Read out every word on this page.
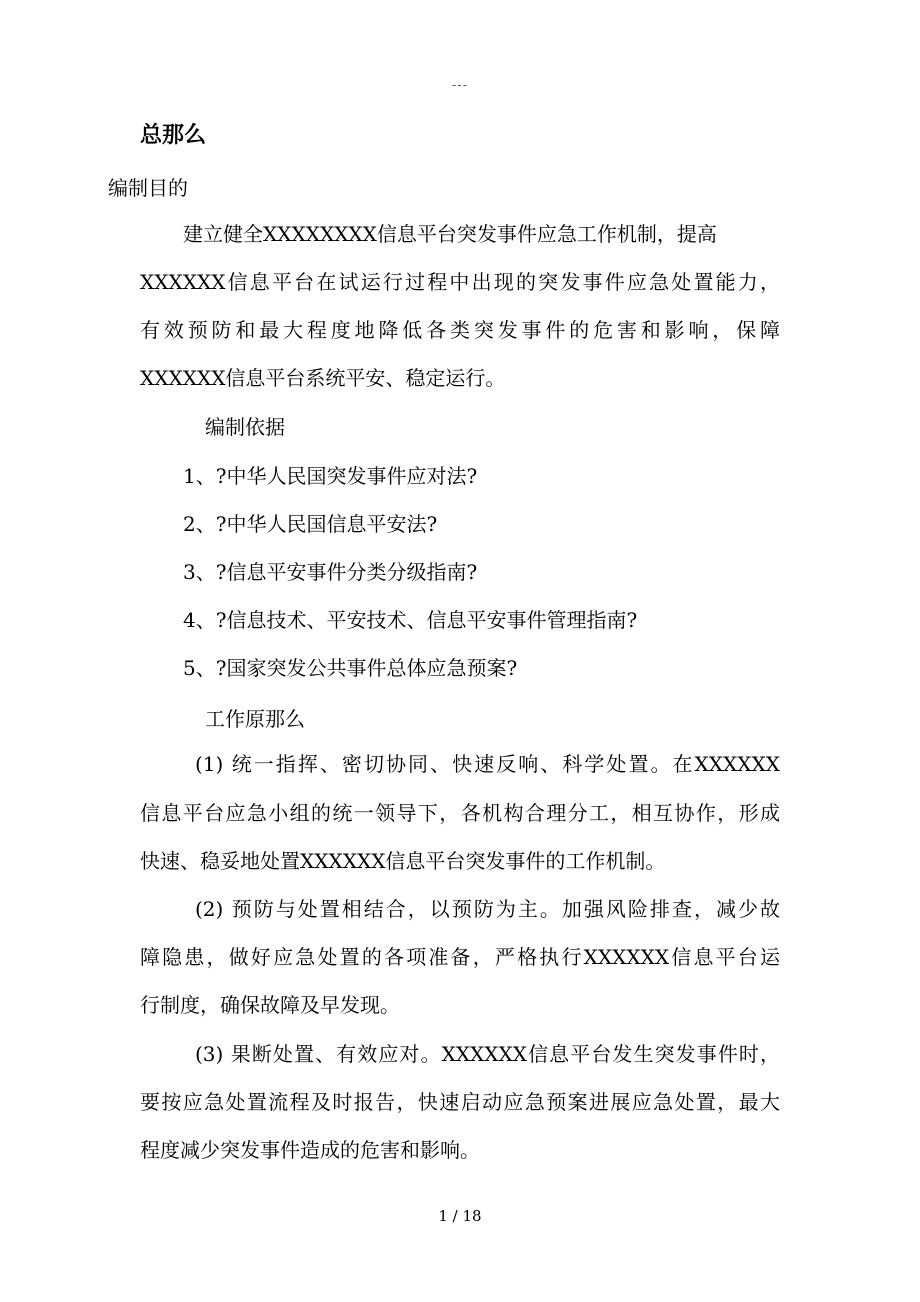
---
总那么
编制目的
建立健全XXXXXXXX信息平台突发事件应急工作机制，提高
XXXXXX信息平台在试运行过程中出现的突发事件应急处置能力，
有效预防和最大程度地降低各类突发事件的危害和影响，保障
XXXXXX信息平台系统平安、稳定运行。
编制依据
1、?中华人民国突发事件应对法?
2、?中华人民国信息平安法?
3、?信息平安事件分类分级指南?
4、?信息技术、平安技术、信息平安事件管理指南?
5、?国家突发公共事件总体应急预案?
工作原那么
(1) 统一指挥、密切协同、快速反响、科学处置。在XXXXXX
信息平台应急小组的统一领导下，各机构合理分工，相互协作，形成
快速、稳妥地处置XXXXXX信息平台突发事件的工作机制。
(2) 预防与处置相结合，以预防为主。加强风险排查，减少故
障隐患，做好应急处置的各项准备，严格执行XXXXXX信息平台运
行制度，确保故障及早发现。
(3) 果断处置、有效应对。XXXXXX信息平台发生突发事件时，
要按应急处置流程及时报告，快速启动应急预案进展应急处置，最大
程度减少突发事件造成的危害和影响。
1 / 18
